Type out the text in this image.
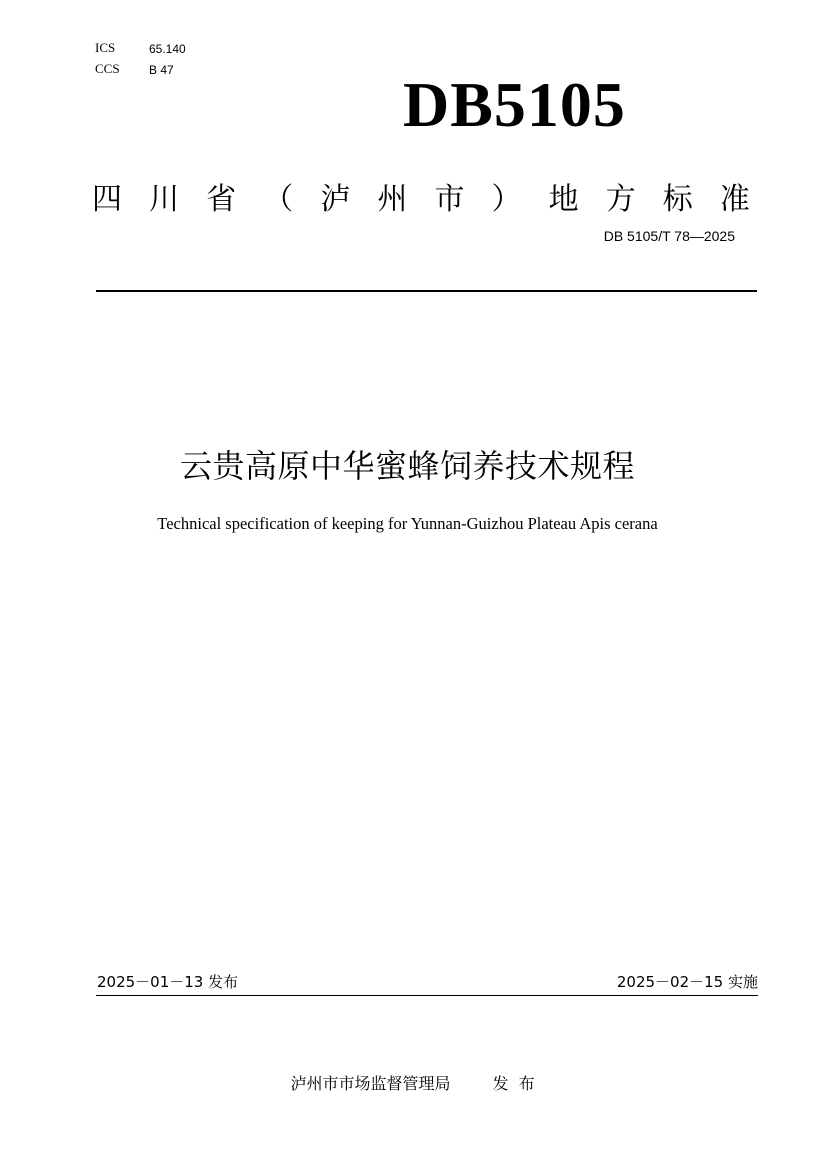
ICS	65.140
CCS B 47	DB5105
四 川 省 （ 泸 州 市 ） 地 方 标 准
DB 5105/T 78—2025
云贵高原中华蜜蜂饲养技术规程
Technical specification of keeping for Yunnan-Guizhou Plateau Apis cerana
2025－01－13 发布	2025－02－15 实施

泸州市市场监督管理局	发  布
